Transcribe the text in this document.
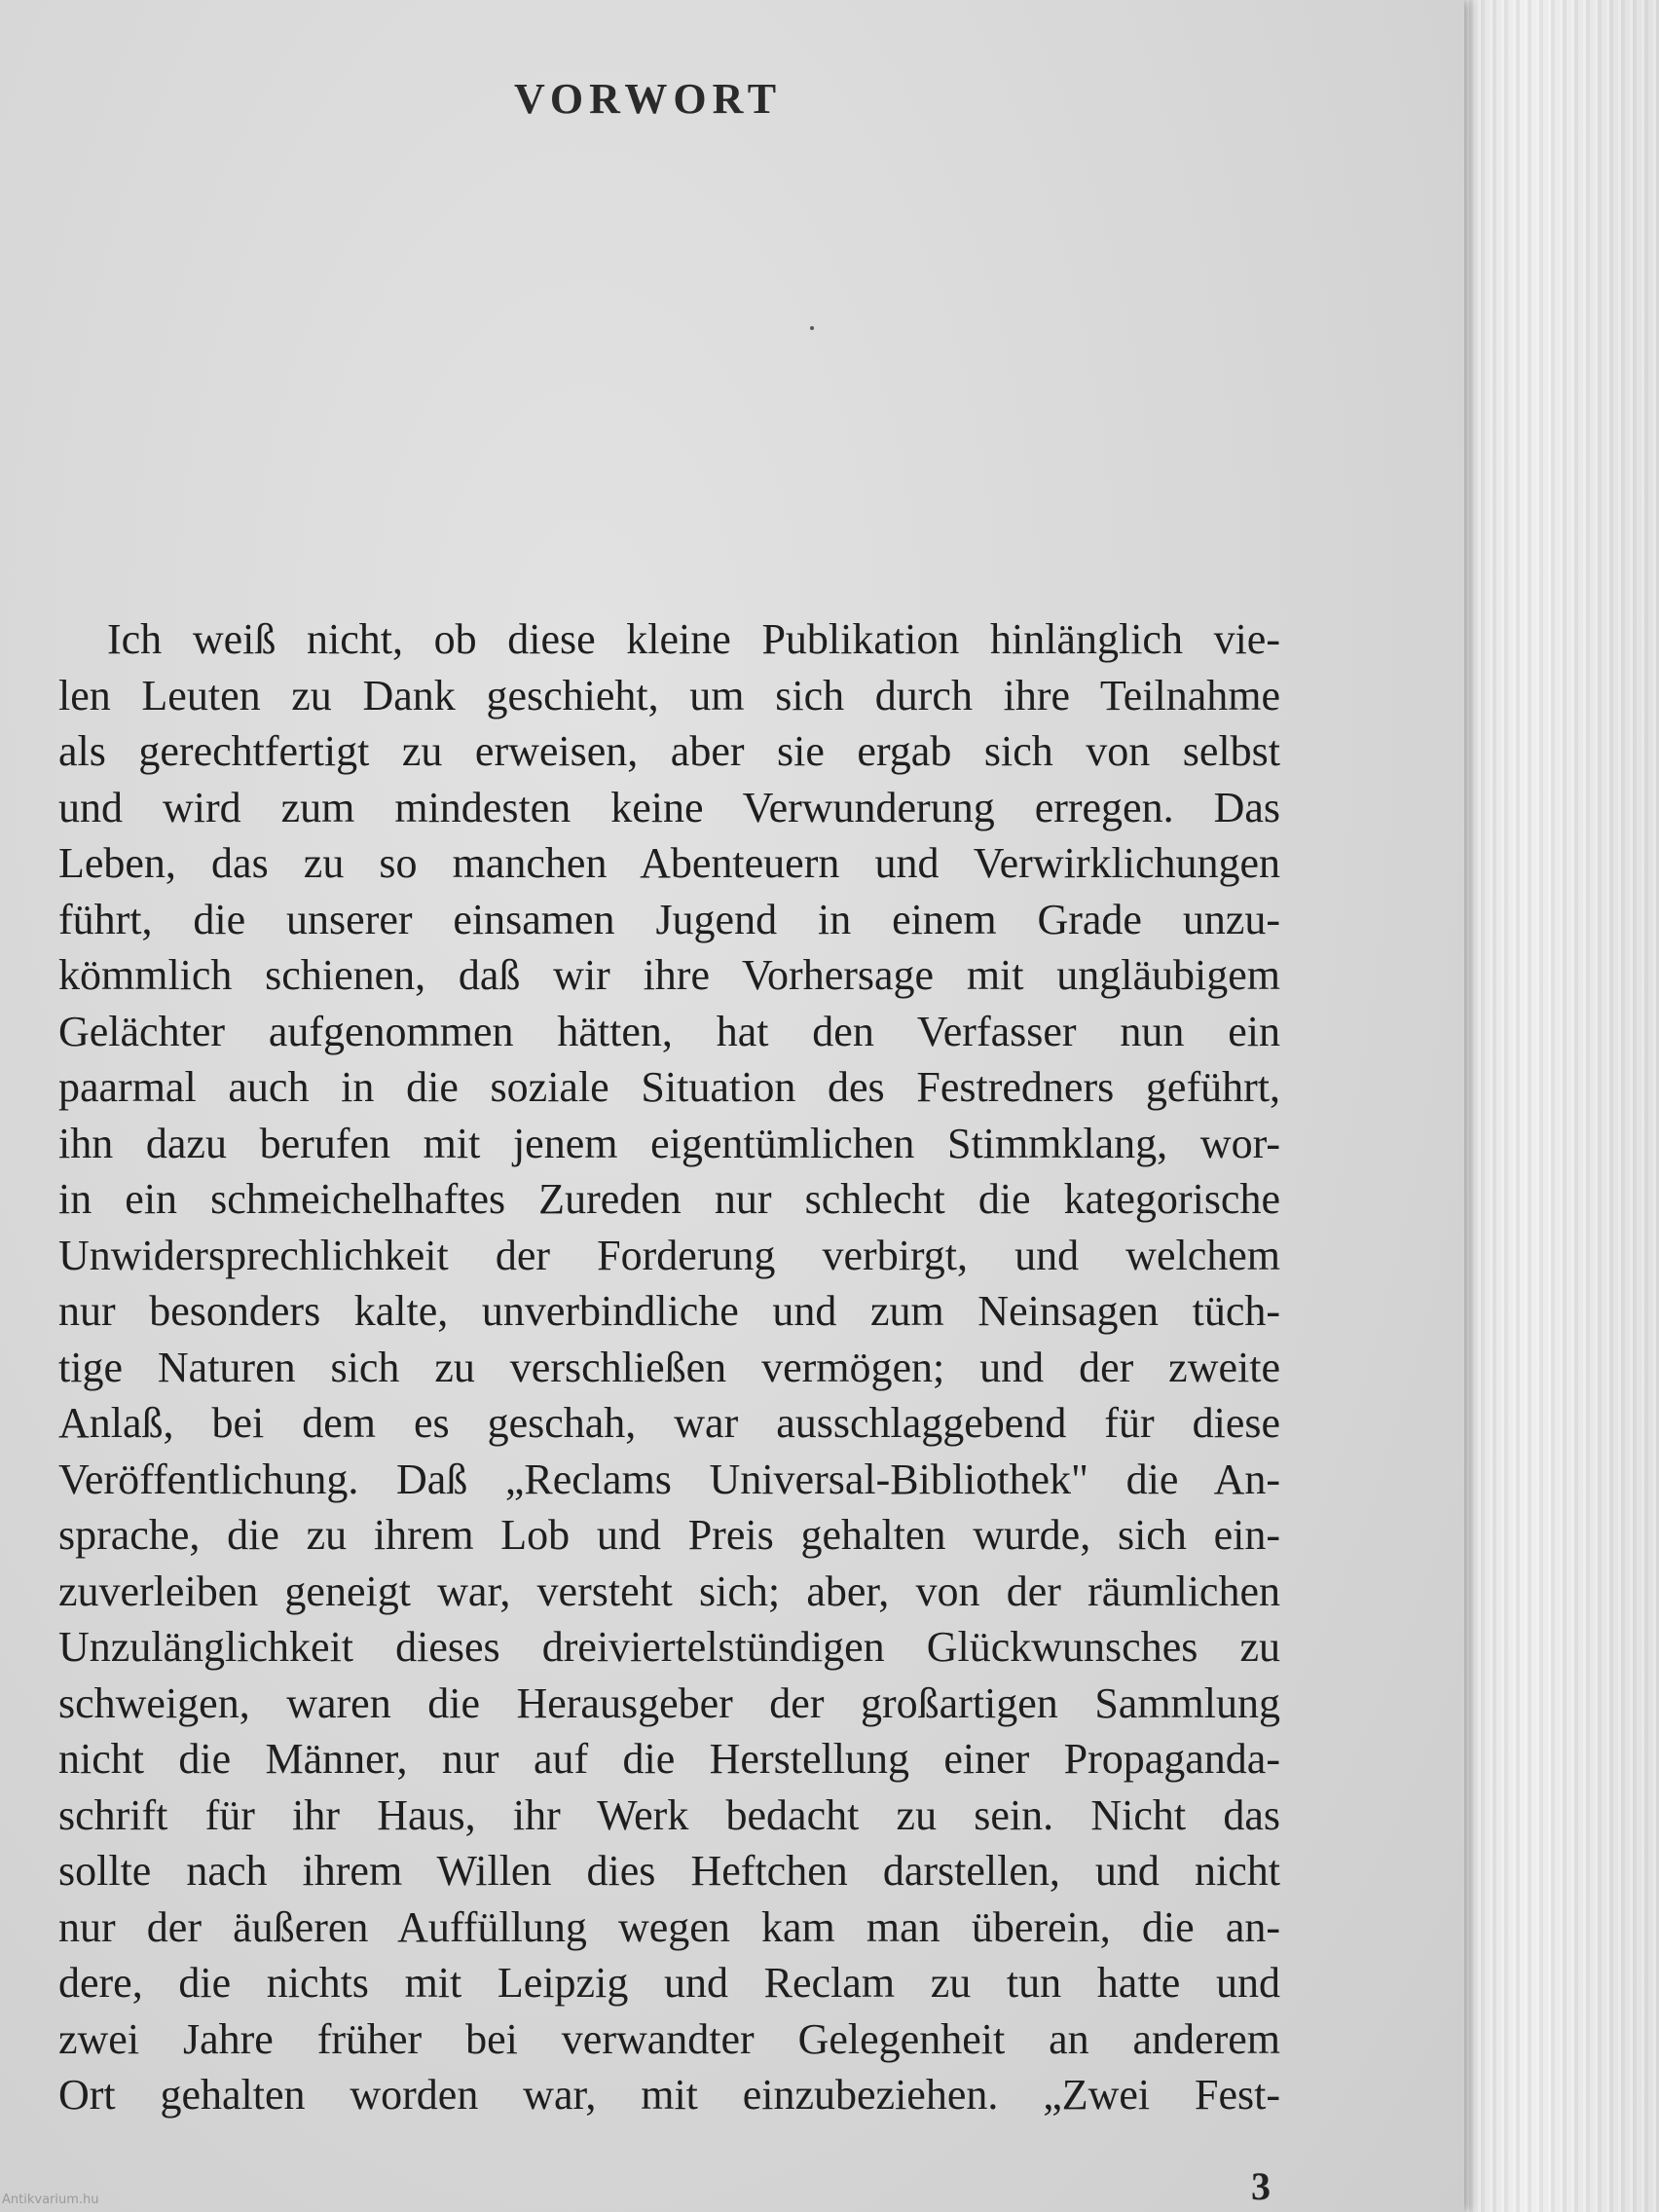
VORWORT
Ich weiß nicht, ob diese kleine Publikation hinlänglich vie-
len Leuten zu Dank geschieht, um sich durch ihre Teilnahme
als gerechtfertigt zu erweisen, aber sie ergab sich von selbst
und wird zum mindesten keine Verwunderung erregen. Das
Leben, das zu so manchen Abenteuern und Verwirklichungen
führt, die unserer einsamen Jugend in einem Grade unzu-
kömmlich schienen, daß wir ihre Vorhersage mit ungläubigem
Gelächter aufgenommen hätten, hat den Verfasser nun ein
paarmal auch in die soziale Situation des Festredners geführt,
ihn dazu berufen mit jenem eigentümlichen Stimmklang, wor-
in ein schmeichelhaftes Zureden nur schlecht die kategorische
Unwidersprechlichkeit der Forderung verbirgt, und welchem
nur besonders kalte, unverbindliche und zum Neinsagen tüch-
tige Naturen sich zu verschließen vermögen; und der zweite
Anlaß, bei dem es geschah, war ausschlaggebend für diese
Veröffentlichung. Daß „Reclams Universal-Bibliothek" die An-
sprache, die zu ihrem Lob und Preis gehalten wurde, sich ein-
zuverleiben geneigt war, versteht sich; aber, von der räumlichen
Unzulänglichkeit dieses dreiviertelstündigen Glückwunsches zu
schweigen, waren die Herausgeber der großartigen Sammlung
nicht die Männer, nur auf die Herstellung einer Propaganda-
schrift für ihr Haus, ihr Werk bedacht zu sein. Nicht das
sollte nach ihrem Willen dies Heftchen darstellen, und nicht
nur der äußeren Auffüllung wegen kam man überein, die an-
dere, die nichts mit Leipzig und Reclam zu tun hatte und
zwei Jahre früher bei verwandter Gelegenheit an anderem
Ort gehalten worden war, mit einzubeziehen. „Zwei Fest-
3
Antikvarium.hu
